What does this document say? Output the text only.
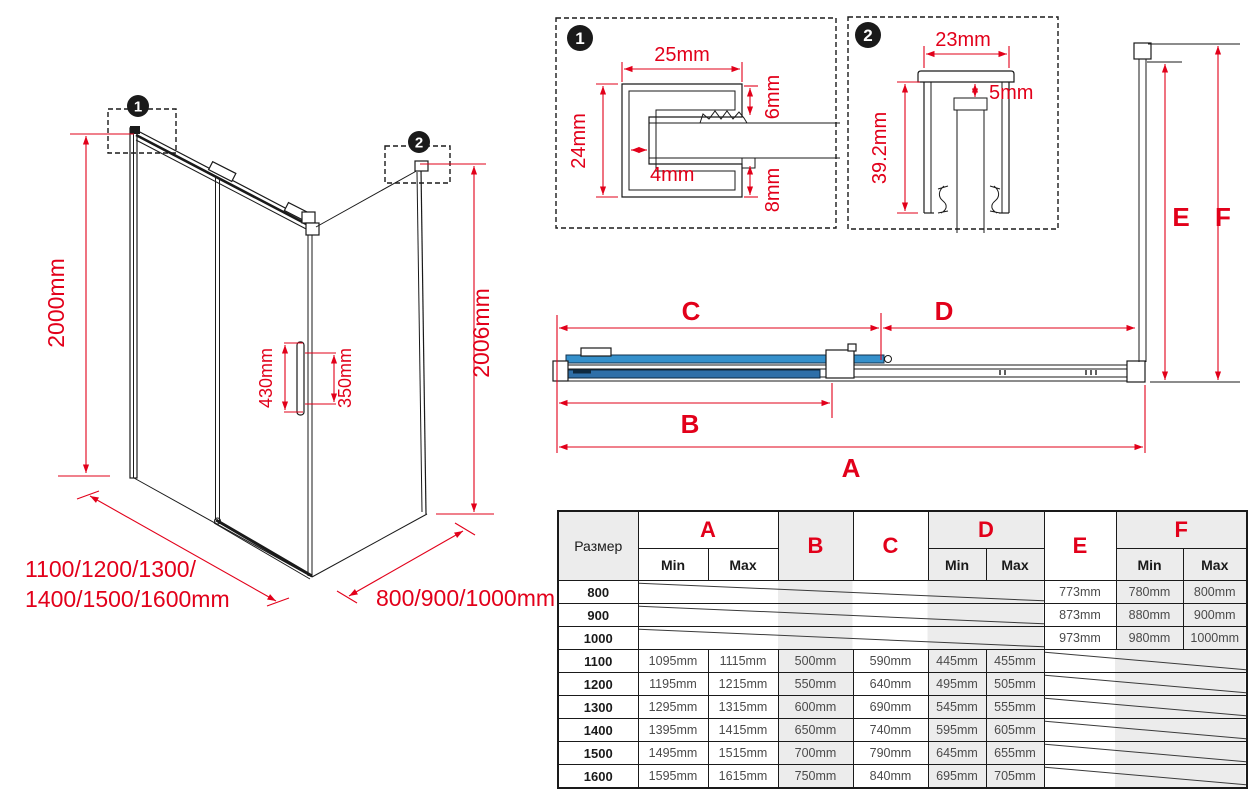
1
2
2000mm	2006mm
430mm	350mm
1100/1200/1300/
1400/1500/1600mm	800/900/1000mm
1
25mm
24mm
4mm
6mm
8mm
2	23mm
39.2mm
5mm
C	D
B
A
E F
Размер	A		B	C	D		E	F	
	Min	Max			Min	Max		Min	Max
800							773mm	780mm	800mm
900							873mm	880mm	900mm
1000							973mm	980mm	1000mm
1100	1095mm	1115mm	500mm	590mm	445mm	455mm	

1200	1195mm	1215mm	550mm	640mm	495mm	505mm	

1300	1295mm	1315mm	600mm	690mm	545mm	555mm	

1400	1395mm	1415mm	650mm	740mm	595mm	605mm	

1500	1495mm	1515mm	700mm	790mm	645mm	655mm	

1600	1595mm	1615mm	750mm	840mm	695mm	705mm	
